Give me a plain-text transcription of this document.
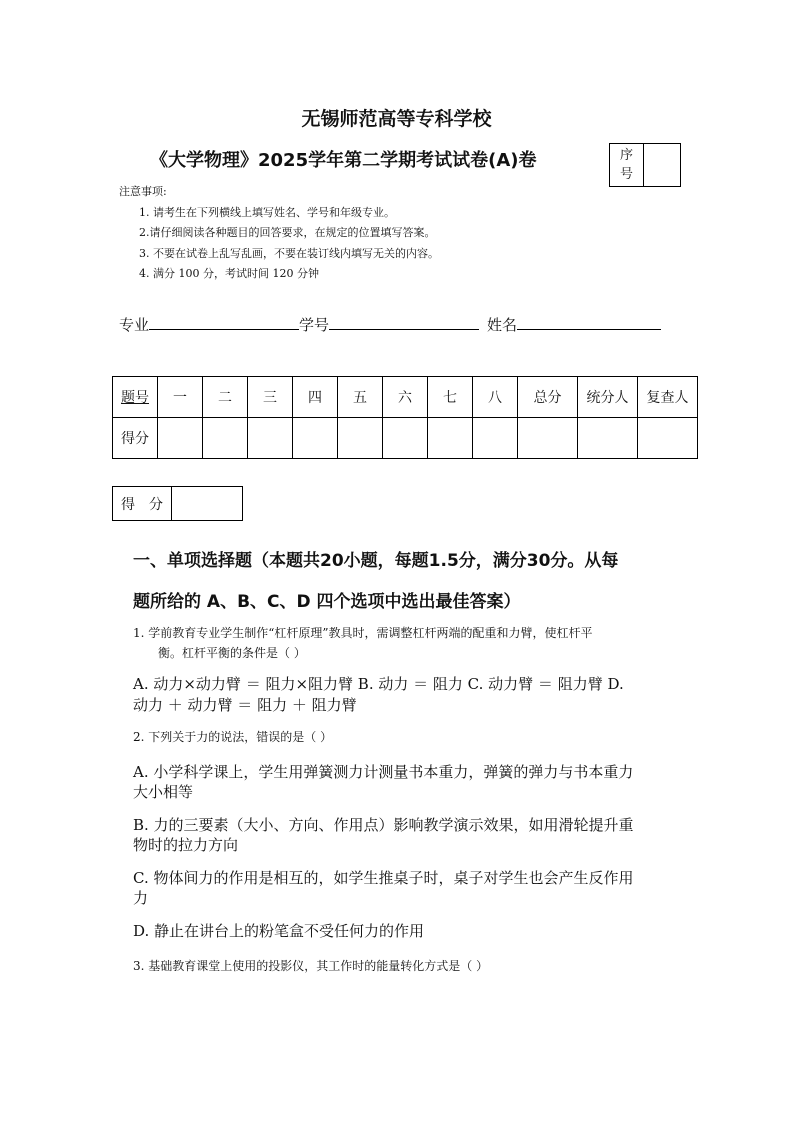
无锡师范高等专科学校
《大学物理》2025学年第二学期考试试卷(A)卷	序
号
注意事项:
1. 请考生在下列横线上填写姓名、学号和年级专业。
2.请仔细阅读各种题目的回答要求，在规定的位置填写答案。
3. 不要在试卷上乱写乱画，不要在装订线内填写无关的内容。
4. 满分 100 分，考试时间 120 分钟
专业	学号	姓名
题号	一	二	三	四	五	六	七	八	总分	统分人	复查人
得分											
得　分	
一、单项选择题（本题共20小题，每题1.5分，满分30分。从每
题所给的 A、B、C、D 四个选项中选出最佳答案）
1. 学前教育专业学生制作“杠杆原理”教具时，需调整杠杆两端的配重和力臂，使杠杆平
衡。杠杆平衡的条件是（ ）
A. 动力×动力臂 ＝ 阻力×阻力臂 B. 动力 ＝ 阻力 C. 动力臂 ＝ 阻力臂 D.
动力 ＋ 动力臂 ＝ 阻力 ＋ 阻力臂
2. 下列关于力的说法，错误的是（ ）
A. 小学科学课上，学生用弹簧测力计测量书本重力，弹簧的弹力与书本重力
大小相等
B. 力的三要素（大小、方向、作用点）影响教学演示效果，如用滑轮提升重
物时的拉力方向
C. 物体间力的作用是相互的，如学生推桌子时，桌子对学生也会产生反作用
力
D. 静止在讲台上的粉笔盒不受任何力的作用
3. 基础教育课堂上使用的投影仪，其工作时的能量转化方式是（ ）
